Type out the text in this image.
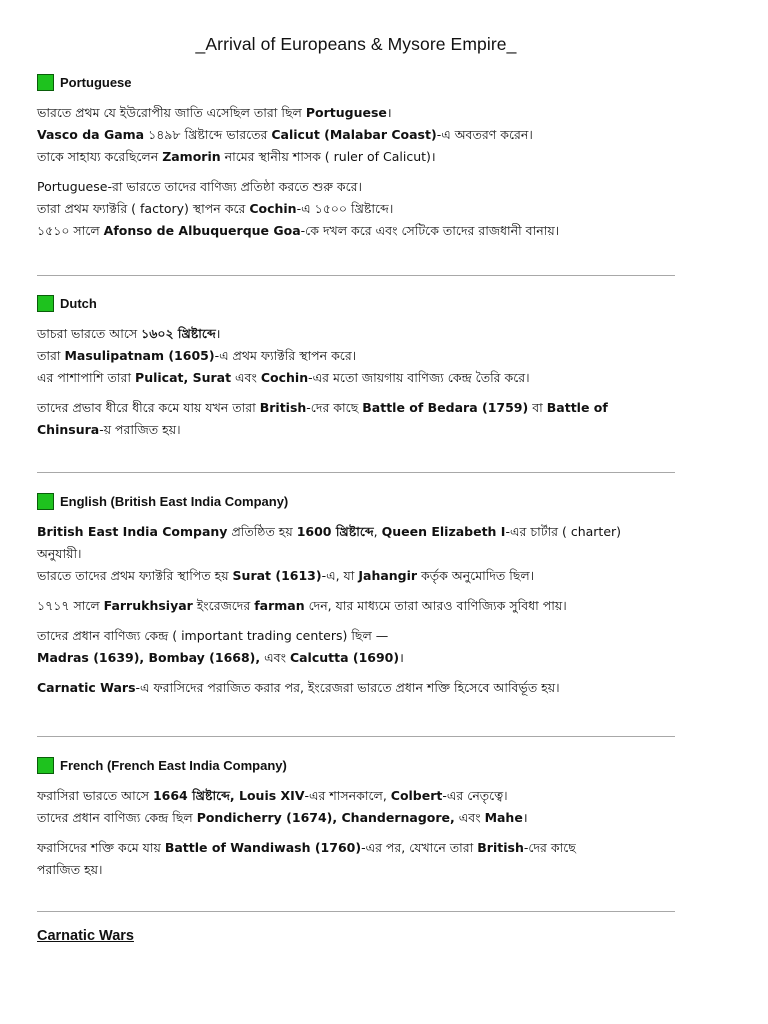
_Arrival of Europeans & Mysore Empire_
Portuguese
ভারতে প্রথম যে ইউরোপীয় জাতি এসেছিল তারা ছিল Portuguese।
Vasco da Gama ১৪৯৮ খ্রিষ্টাব্দে ভারতের Calicut (Malabar Coast)-এ অবতরণ করেন।
তাকে সাহায্য করেছিলেন Zamorin নামের স্থানীয় শাসক ( ruler of Calicut)।
Portuguese-রা ভারতে তাদের বাণিজ্য প্রতিষ্ঠা করতে শুরু করে।
তারা প্রথম ফ্যাক্টরি ( factory) স্থাপন করে Cochin-এ ১৫০০ খ্রিষ্টাব্দে।
১৫১০ সালে Afonso de Albuquerque Goa-কে দখল করে এবং সেটিকে তাদের রাজধানী বানায়।
Dutch
ডাচরা ভারতে আসে ১৬০২ খ্রিষ্টাব্দে।
তারা Masulipatnam (1605)-এ প্রথম ফ্যাক্টরি স্থাপন করে।
এর পাশাপাশি তারা Pulicat, Surat এবং Cochin-এর মতো জায়গায় বাণিজ্য কেন্দ্র তৈরি করে।
তাদের প্রভাব ধীরে ধীরে কমে যায় যখন তারা British-দের কাছে Battle of Bedara (1759) বা Battle of
Chinsura-য় পরাজিত হয়।
English (British East India Company)
British East India Company প্রতিষ্ঠিত হয় 1600 খ্রিষ্টাব্দে, Queen Elizabeth I-এর চার্টার ( charter)
অনুযায়ী।
ভারতে তাদের প্রথম ফ্যাক্টরি স্থাপিত হয় Surat (1613)-এ, যা Jahangir কর্তৃক অনুমোদিত ছিল।
১৭১৭ সালে Farrukhsiyar ইংরেজদের farman দেন, যার মাধ্যমে তারা আরও বাণিজ্যিক সুবিধা পায়।
তাদের প্রধান বাণিজ্য কেন্দ্র ( important trading centers) ছিল —
Madras (1639), Bombay (1668), এবং Calcutta (1690)।
Carnatic Wars-এ ফরাসিদের পরাজিত করার পর, ইংরেজরা ভারতে প্রধান শক্তি হিসেবে আবির্ভূত হয়।
French (French East India Company)
ফরাসিরা ভারতে আসে 1664 খ্রিষ্টাব্দে, Louis XIV-এর শাসনকালে, Colbert-এর নেতৃত্বে।
তাদের প্রধান বাণিজ্য কেন্দ্র ছিল Pondicherry (1674), Chandernagore, এবং Mahe।
ফরাসিদের শক্তি কমে যায় Battle of Wandiwash (1760)-এর পর, যেখানে তারা British-দের কাছে
পরাজিত হয়।
Carnatic Wars
